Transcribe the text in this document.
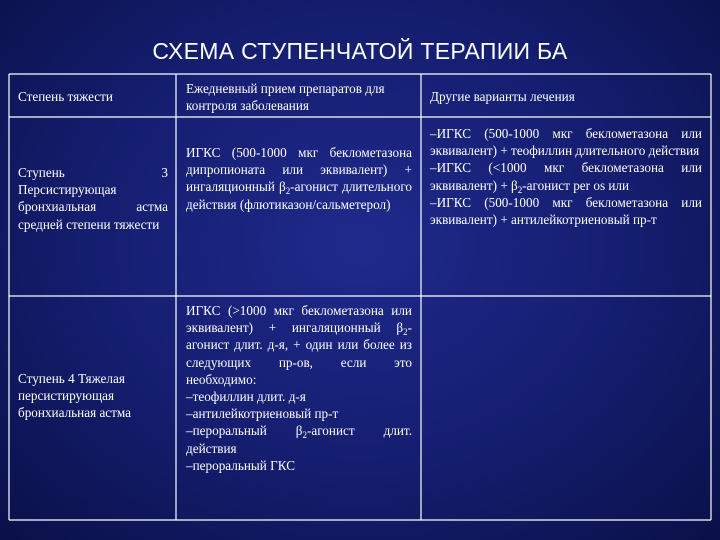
СХЕМА СТУПЕНЧАТОЙ ТЕРАПИИ БА
Степень тяжести
Ежедневный прием препаратов для контроля заболевания
Другие варианты лечения
Ступень 3 Персистирующая бронхиальная астма средней степени тяжести
ИГКС (500-1000 мкг беклометазона дипропионата или эквивалент) + ингаляционный $\beta_2$-агонист длительного действия (флютиказон/сальметерол)
–ИГКС (500-1000 мкг беклометазона или эквивалент) + теофиллин длительного действия
–ИГКС (<1000 мкг беклометазона или эквивалент) + $\beta_2$-агонист per os или
–ИГКС (500-1000 мкг беклометазона или эквивалент) + антилейкотриеновый пр-т
Ступень 4 Тяжелая персистирующая бронхиальная астма
ИГКС (>1000 мкг беклометазона или эквивалент) + ингаляционный $\beta_2$-агонист длит. д-я, + один или более из следующих пр-ов, если это необходимо:
–теофиллин длит. д-я
–антилейкотриеновый пр-т
–пероральный $\beta_2$-агонист длит. действия
–пероральный ГКС
